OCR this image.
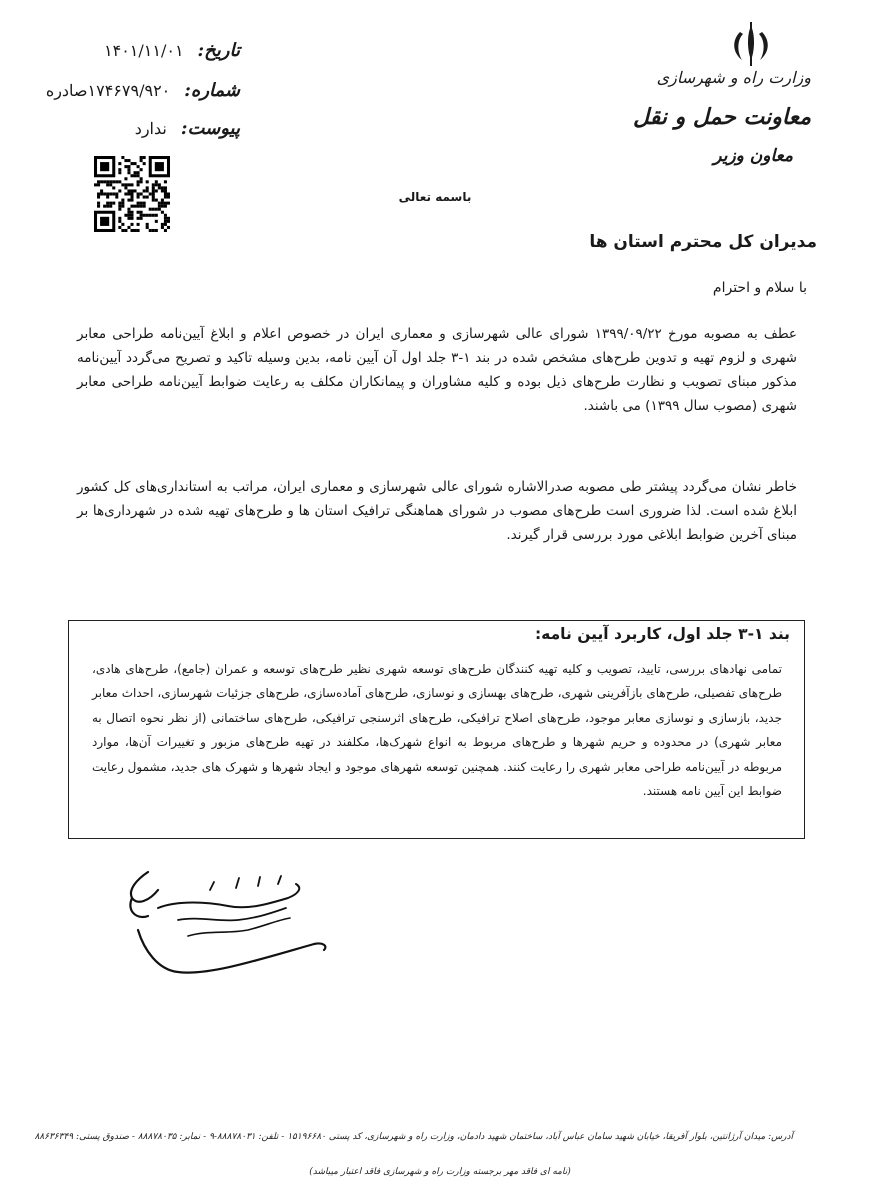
وزارت راه و شهرسازی
معاونت حمل و نقل
معاون وزیر
تاریخ:
۱۴۰۱/۱۱/۰۱
شماره:
۱۷۴۶۷۹/۹۲۰صادره
پیوست:
ندارد
باسمه تعالی
مدیران کل محترم استان ها
با سلام و احترام
عطف به مصوبه مورخ ۱۳۹۹/۰۹/۲۲ شورای عالی شهرسازی و معماری ایران در خصوص اعلام و ابلاغ آیین‌نامه طراحی معابر شهری و لزوم تهیه و تدوین طرح‌های مشخص شده در بند ۱-۳ جلد اول آن آیین نامه، بدین وسیله تاکید و تصریح می‌گردد آیین‌نامه مذکور مبنای تصویب و نظارت طرح‌های ذیل بوده و کلیه مشاوران و پیمانکاران مکلف به رعایت ضوابط آیین‌نامه طراحی معابر شهری (مصوب سال ۱۳۹۹) می باشند.
خاطر نشان می‌گردد پیشتر طی مصوبه صدرالاشاره شورای عالی شهرسازی و معماری ایران، مراتب به استانداری‌های کل کشور ابلاغ شده است. لذا ضروری است طرح‌های مصوب در شورای هماهنگی ترافیک استان ها و طرح‌های تهیه شده در شهرداری‌ها بر مبنای آخرین ضوابط ابلاغی مورد بررسی قرار گیرند.
بند ۱-۳ جلد اول، کاربرد آیین نامه:
تمامی نهادهای بررسی، تایید، تصویب و کلیه تهیه کنندگان طرح‌های توسعه شهری نظیر طرح‌های توسعه و عمران (جامع)، طرح‌های هادی، طرح‌های تفصیلی، طرح‌های بازآفرینی شهری، طرح‌های بهسازی و نوسازی، طرح‌های آماده‌سازی، طرح‌های جزئیات شهرسازی، احداث معابر جدید، بازسازی و نوسازی معابر موجود، طرح‌های اصلاح ترافیکی، طرح‌های اثرسنجی ترافیکی، طرح‌های ساختمانی (از نظر نحوه اتصال به معابر شهری) در محدوده و حریم شهرها و طرح‌های مربوط به انواع شهرک‌ها، مکلفند در تهیه طرح‌های مزبور و تغییرات آن‌ها، موارد مربوطه در آیین‌نامه طراحی معابر شهری را رعایت کنند. همچنین توسعه شهرهای موجود و ایجاد شهرها و شهرک های جدید، مشمول رعایت ضوابط این آیین نامه هستند.
آدرس: میدان آرژانتین، بلوار آفریقا، خیابان شهید سامان عباس آباد، ساختمان شهید دادمان، وزارت راه و شهرسازی، کد پستی ۱۵۱۹۶۶۸۰ - تلفن: ۸۸۸۷۸۰۳۱-۹ - نمابر: ۸۸۸۷۸۰۳۵ - صندوق پستی: ۸۸۶۳۶۳۴۹
(نامه ای فاقد مهر برجسته وزارت راه و شهرسازی فاقد اعتبار میباشد)
